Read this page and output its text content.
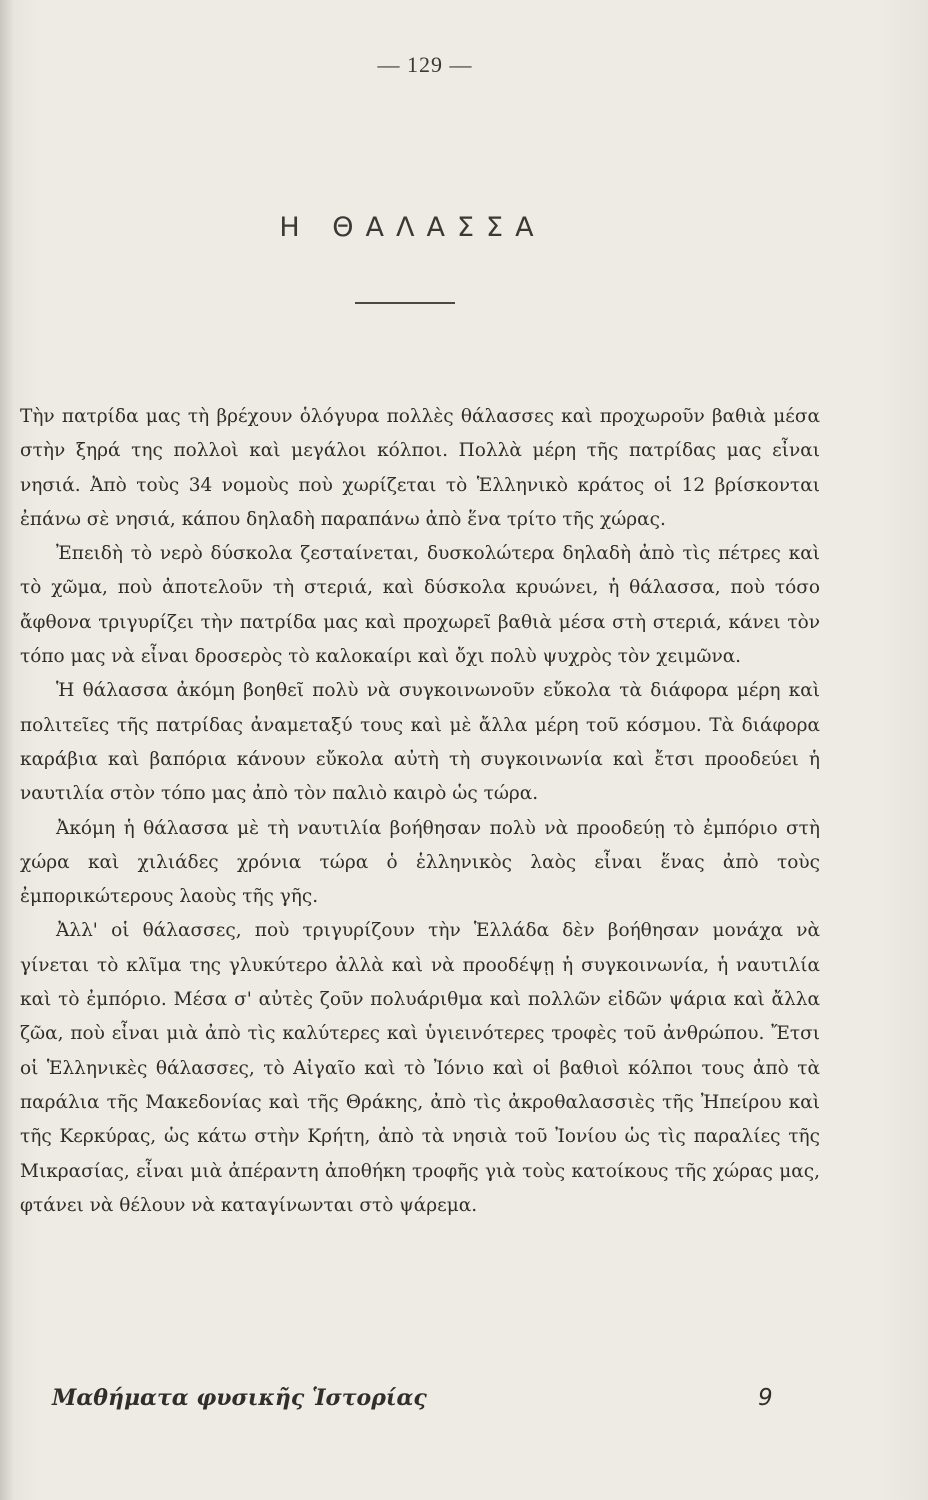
— 129 —
Η ΘΑΛΑΣΣΑ

Τὴν πατρίδα μας τὴ βρέχουν ὁλόγυρα πολλὲς θάλασσες καὶ προχωροῦν βαθιὰ μέσα στὴν ξηρά της πολλοὶ καὶ μεγάλοι κόλποι. Πολλὰ μέρη τῆς πατρίδας μας εἶναι νησιά. Ἀπὸ τοὺς 34 νομοὺς ποὺ χωρίζεται τὸ Ἑλληνικὸ κράτος οἱ 12 βρίσκονται ἐπάνω σὲ νησιά, κάπου δηλαδὴ παραπάνω ἀπὸ ἕνα τρίτο τῆς χώρας.

Ἐπειδὴ τὸ νερὸ δύσκολα ζεσταίνεται, δυσκολώτερα δηλαδὴ ἀπὸ τὶς πέτρες καὶ τὸ χῶμα, ποὺ ἀποτελοῦν τὴ στεριά, καὶ δύσκολα κρυώνει, ἡ θάλασσα, ποὺ τόσο ἄφθονα τριγυρίζει τὴν πατρίδα μας καὶ προχωρεῖ βαθιὰ μέσα στὴ στεριά, κάνει τὸν τόπο μας νὰ εἶναι δροσερὸς τὸ καλοκαίρι καὶ ὄχι πολὺ ψυχρὸς τὸν χειμῶνα.

Ἡ θάλασσα ἀκόμη βοηθεῖ πολὺ νὰ συγκοινωνοῦν εὔκολα τὰ διάφορα μέρη καὶ πολιτεῖες τῆς πατρίδας ἀναμεταξύ τους καὶ μὲ ἄλλα μέρη τοῦ κόσμου. Τὰ διάφορα καράβια καὶ βαπόρια κάνουν εὔκολα αὐτὴ τὴ συγκοινωνία καὶ ἔτσι προοδεύει ἡ ναυτιλία στὸν τόπο μας ἀπὸ τὸν παλιὸ καιρὸ ὡς τώρα.

Ἀκόμη ἡ θάλασσα μὲ τὴ ναυτιλία βοήθησαν πολὺ νὰ προοδεύῃ τὸ ἐμπόριο στὴ χώρα καὶ χιλιάδες χρόνια τώρα ὁ ἑλληνικὸς λαὸς εἶναι ἕνας ἀπὸ τοὺς ἐμπορικώτερους λαοὺς τῆς γῆς.

Ἀλλ' οἱ θάλασσες, ποὺ τριγυρίζουν τὴν Ἑλλάδα δὲν βοήθησαν μονάχα νὰ γίνεται τὸ κλῖμα της γλυκύτερο ἀλλὰ καὶ νὰ προοδέψῃ ἡ συγκοινωνία, ἡ ναυτιλία καὶ τὸ ἐμπόριο. Μέσα σ' αὐτὲς ζοῦν πολυάριθμα καὶ πολλῶν εἰδῶν ψάρια καὶ ἄλλα ζῶα, ποὺ εἶναι μιὰ ἀπὸ τὶς καλύτερες καὶ ὑγιεινότερες τροφὲς τοῦ ἀνθρώπου. Ἔτσι οἱ Ἑλληνικὲς θάλασσες, τὸ Αἰγαῖο καὶ τὸ Ἰόνιο καὶ οἱ βαθιοὶ κόλποι τους ἀπὸ τὰ παράλια τῆς Μακεδονίας καὶ τῆς Θράκης, ἀπὸ τὶς ἀκροθαλασσιὲς τῆς Ἠπείρου καὶ τῆς Κερκύρας, ὡς κάτω στὴν Κρήτη, ἀπὸ τὰ νησιὰ τοῦ Ἰονίου ὡς τὶς παραλίες τῆς Μικρασίας, εἶναι μιὰ ἀπέραντη ἀποθήκη τροφῆς γιὰ τοὺς κατοίκους τῆς χώρας μας, φτάνει νὰ θέλουν νὰ καταγίνωνται στὸ ψάρεμα.

Μαθήματα φυσικῆς Ἱστορίας	9
